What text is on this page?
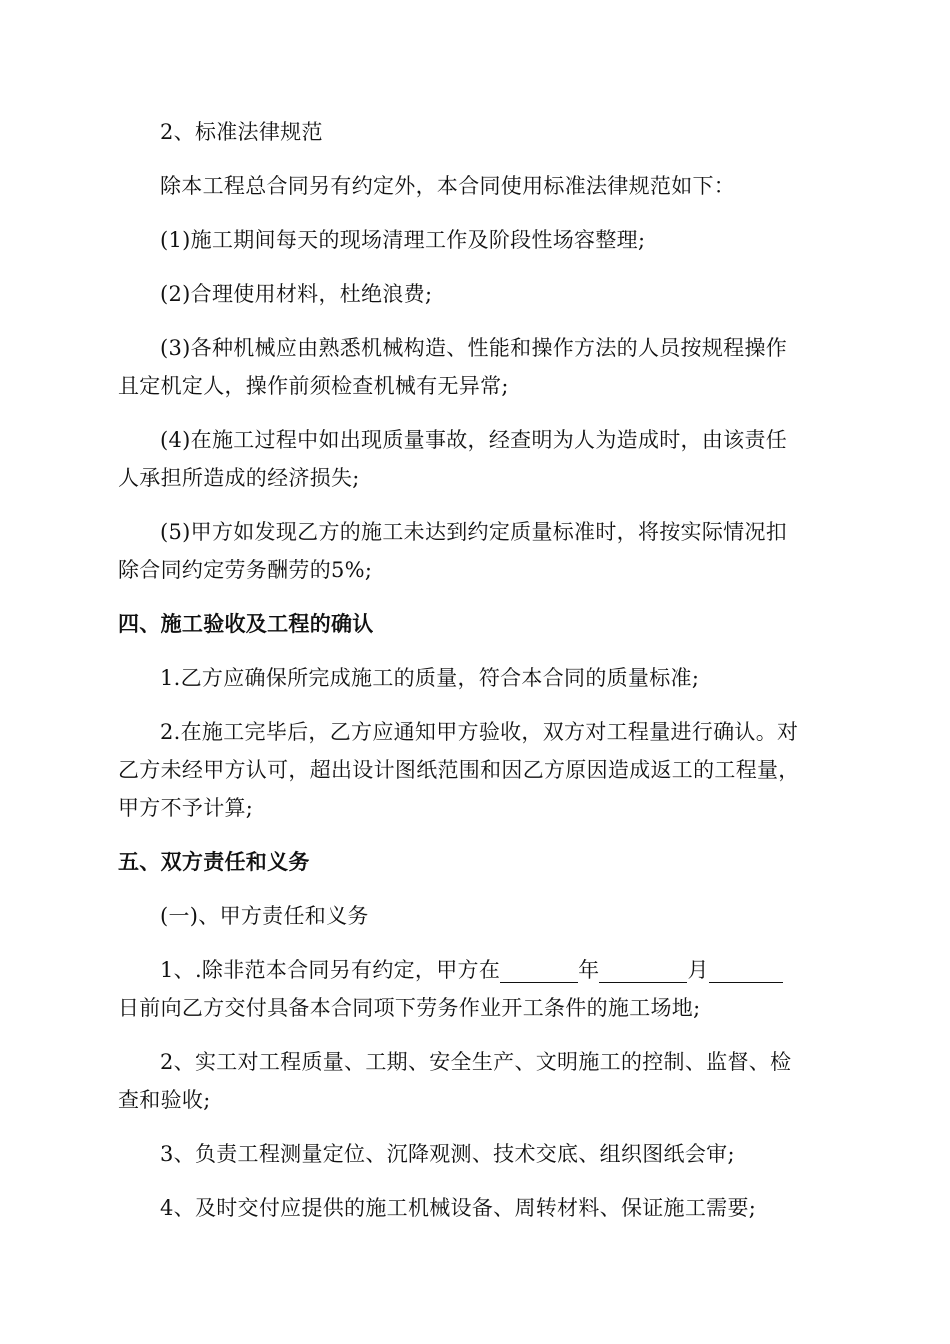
2、标准法律规范
除本工程总合同另有约定外，本合同使用标准法律规范如下：
(1)施工期间每天的现场清理工作及阶段性场容整理;
(2)合理使用材料，杜绝浪费;
(3)各种机械应由熟悉机械构造、性能和操作方法的人员按规程操作
且定机定人，操作前须检查机械有无异常;
(4)在施工过程中如出现质量事故，经查明为人为造成时，由该责任
人承担所造成的经济损失;
(5)甲方如发现乙方的施工未达到约定质量标准时，将按实际情况扣
除合同约定劳务酬劳的5%;
四、施工验收及工程的确认
1.乙方应确保所完成施工的质量，符合本合同的质量标准;
2.在施工完毕后，乙方应通知甲方验收，双方对工程量进行确认。对
乙方未经甲方认可，超出设计图纸范围和因乙方原因造成返工的工程量，
甲方不予计算;
五、双方责任和义务
(一)、甲方责任和义务
1、.除非范本合同另有约定，甲方在	年	月
日前向乙方交付具备本合同项下劳务作业开工条件的施工场地;
2、实工对工程质量、工期、安全生产、文明施工的控制、监督、检
查和验收;
3、负责工程测量定位、沉降观测、技术交底、组织图纸会审;
4、及时交付应提供的施工机械设备、周转材料、保证施工需要;
